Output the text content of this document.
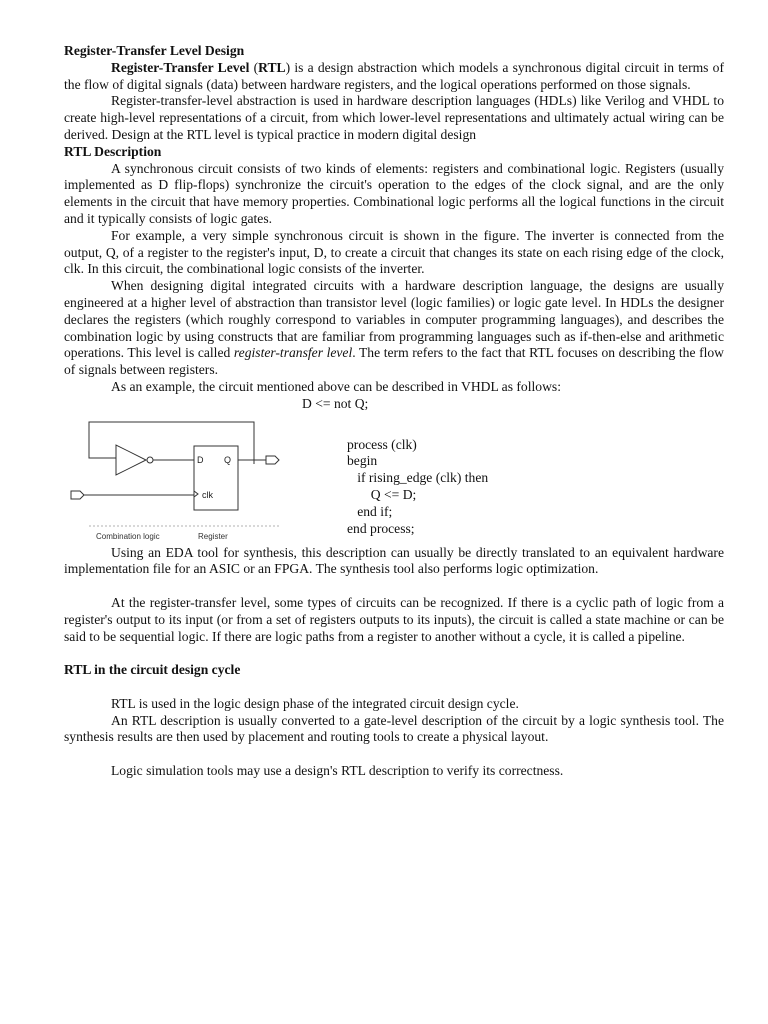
Register-Transfer Level Design

Register-Transfer Level (RTL) is a design abstraction which models a synchronous digital circuit in terms of the flow of digital signals (data) between hardware registers, and the logical operations performed on those signals.

Register-transfer-level abstraction is used in hardware description languages (HDLs) like Verilog and VHDL to create high-level representations of a circuit, from which lower-level representations and ultimately actual wiring can be derived. Design at the RTL level is typical practice in modern digital design

RTL Description

A synchronous circuit consists of two kinds of elements: registers and combinational logic. Registers (usually implemented as D flip-flops) synchronize the circuit's operation to the edges of the clock signal, and are the only elements in the circuit that have memory properties. Combinational logic performs all the logical functions in the circuit and it typically consists of logic gates.

For example, a very simple synchronous circuit is shown in the figure. The inverter is connected from the output, Q, of a register to the register's input, D, to create a circuit that changes its state on each rising edge of the clock, clk. In this circuit, the combinational logic consists of the inverter.

When designing digital integrated circuits with a hardware description language, the designs are usually engineered at a higher level of abstraction than transistor level (logic families) or logic gate level. In HDLs the designer declares the registers (which roughly correspond to variables in computer programming languages), and describes the combination logic by using constructs that are familiar from programming languages such as if-then-else and arithmetic operations. This level is called register-transfer level. The term refers to the fact that RTL focuses on describing the flow of signals between registers.

As an example, the circuit mentioned above can be described in VHDL as follows:

D <= not Q;

D Q
clk
Combination logic	Register
process (clk)
begin
if rising_edge (clk) then
Q <= D;
end if;
end process;

Using an EDA tool for synthesis, this description can usually be directly translated to an equivalent hardware implementation file for an ASIC or an FPGA. The synthesis tool also performs logic optimization.

At the register-transfer level, some types of circuits can be recognized. If there is a cyclic path of logic from a register's output to its input (or from a set of registers outputs to its inputs), the circuit is called a state machine or can be said to be sequential logic. If there are logic paths from a register to another without a cycle, it is called a pipeline.

RTL in the circuit design cycle

RTL is used in the logic design phase of the integrated circuit design cycle.

An RTL description is usually converted to a gate-level description of the circuit by a logic synthesis tool. The synthesis results are then used by placement and routing tools to create a physical layout.

Logic simulation tools may use a design's RTL description to verify its correctness.
